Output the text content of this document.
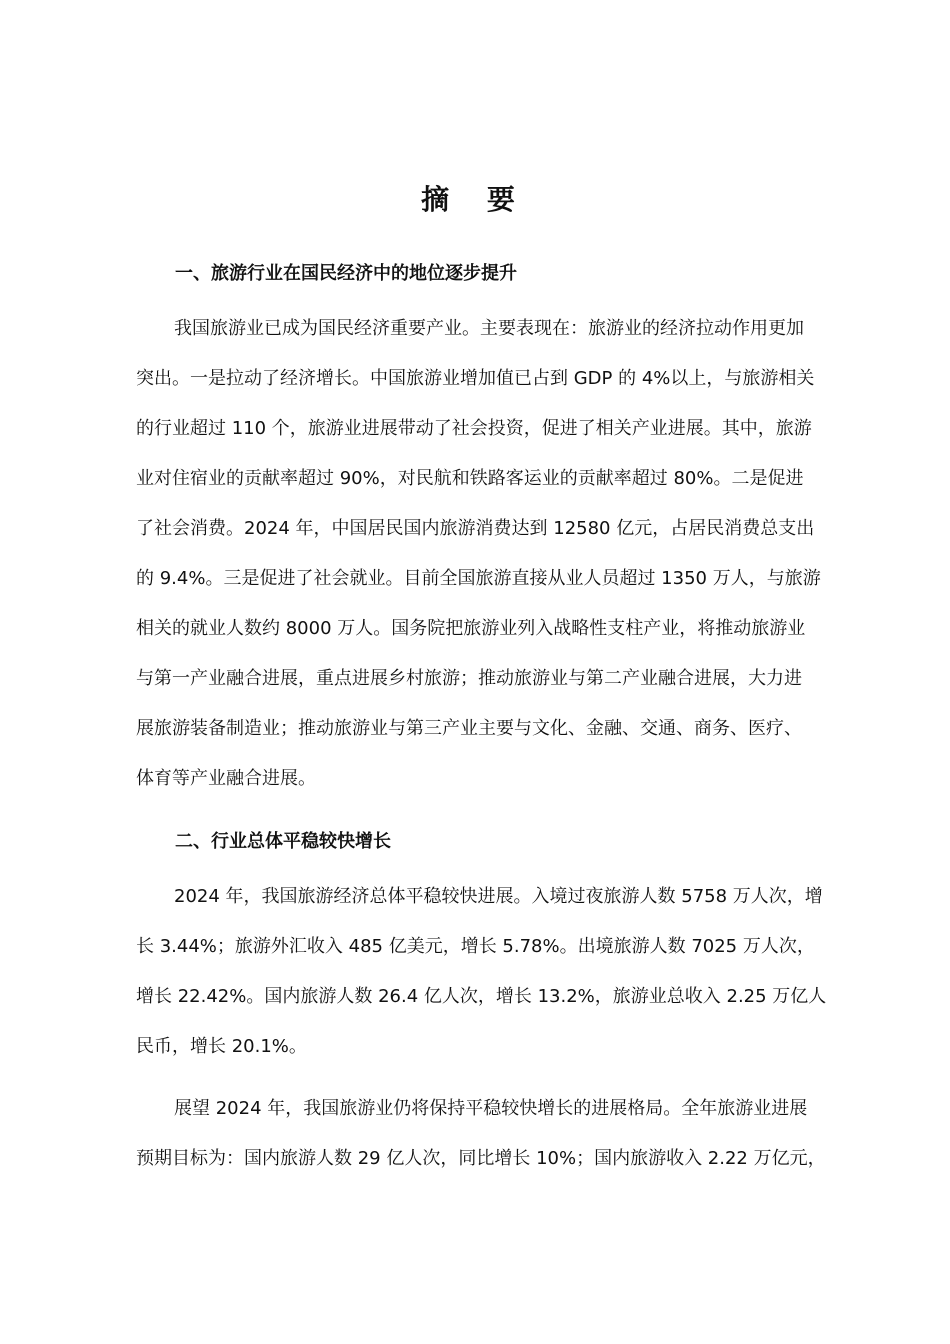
摘 要
一、旅游行业在国民经济中的地位逐步提升
我国旅游业已成为国民经济重要产业。主要表现在：旅游业的经济拉动作用更加
突出。一是拉动了经济增长。中国旅游业增加值已占到 GDP 的 4%以上，与旅游相关
的行业超过 110 个，旅游业进展带动了社会投资，促进了相关产业进展。其中，旅游
业对住宿业的贡献率超过 90%，对民航和铁路客运业的贡献率超过 80%。二是促进
了社会消费。2024 年，中国居民国内旅游消费达到 12580 亿元，占居民消费总支出
的 9.4%。三是促进了社会就业。目前全国旅游直接从业人员超过 1350 万人，与旅游
相关的就业人数约 8000 万人。国务院把旅游业列入战略性支柱产业，将推动旅游业
与第一产业融合进展，重点进展乡村旅游；推动旅游业与第二产业融合进展，大力进
展旅游装备制造业；推动旅游业与第三产业主要与文化、金融、交通、商务、医疗、
体育等产业融合进展。
二、行业总体平稳较快增长
2024 年，我国旅游经济总体平稳较快进展。入境过夜旅游人数 5758 万人次，增
长 3.44%；旅游外汇收入 485 亿美元，增长 5.78%。出境旅游人数 7025 万人次，
增长 22.42%。国内旅游人数 26.4 亿人次，增长 13.2%，旅游业总收入 2.25 万亿人
民币，增长 20.1%。
展望 2024 年，我国旅游业仍将保持平稳较快增长的进展格局。全年旅游业进展
预期目标为：国内旅游人数 29 亿人次，同比增长 10%；国内旅游收入 2.22 万亿元，
